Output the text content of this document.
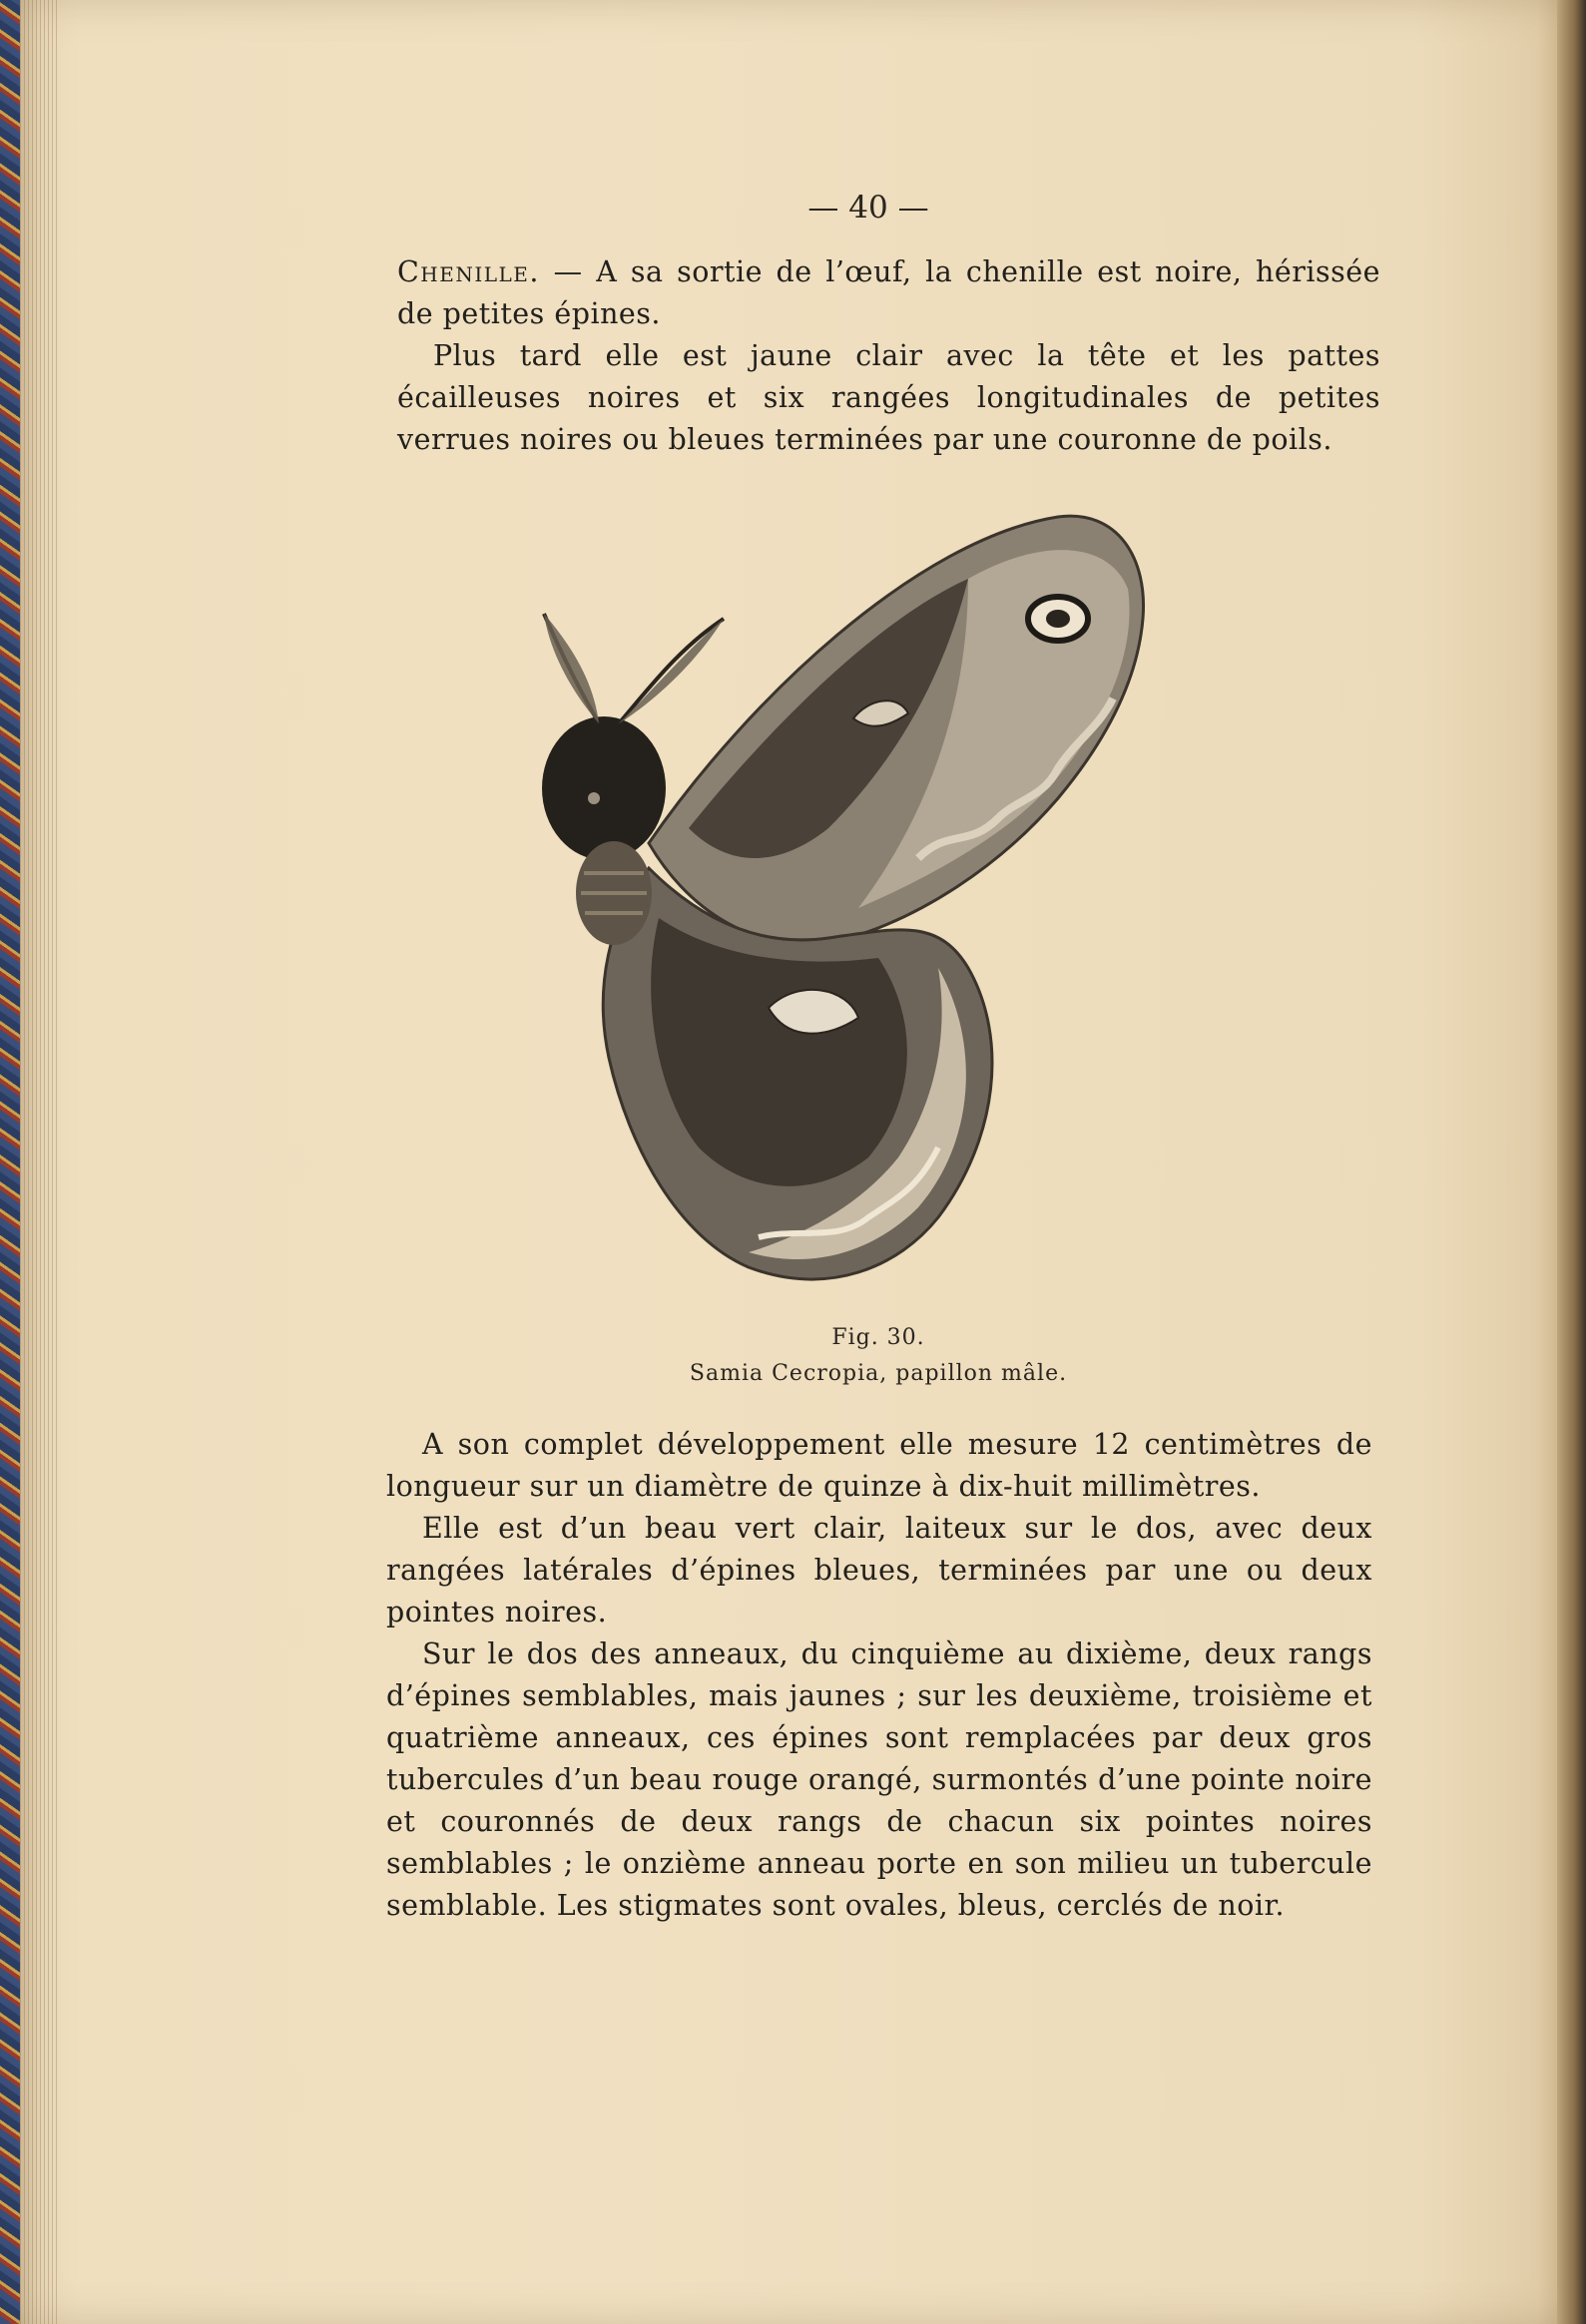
— 40 —

Chenille. — A sa sortie de l’œuf, la chenille est noire, hérissée de petites épines.

Plus tard elle est jaune clair avec la tête et les pattes écailleuses noires et six rangées longitudinales de petites verrues noires ou bleues terminées par une couronne de poils.

Fig. 30.
Samia Cecropia, papillon mâle.

A son complet développement elle mesure 12 centimètres de longueur sur un diamètre de quinze à dix-huit millimètres.

Elle est d’un beau vert clair, laiteux sur le dos, avec deux rangées latérales d’épines bleues, terminées par une ou deux pointes noires.

Sur le dos des anneaux, du cinquième au dixième, deux rangs d’épines semblables, mais jaunes ; sur les deuxième, troisième et quatrième anneaux, ces épines sont remplacées par deux gros tubercules d’un beau rouge orangé, surmontés d’une pointe noire et couronnés de deux rangs de chacun six pointes noires semblables ; le onzième anneau porte en son milieu un tubercule semblable. Les stigmates sont ovales, bleus, cerclés de noir.
